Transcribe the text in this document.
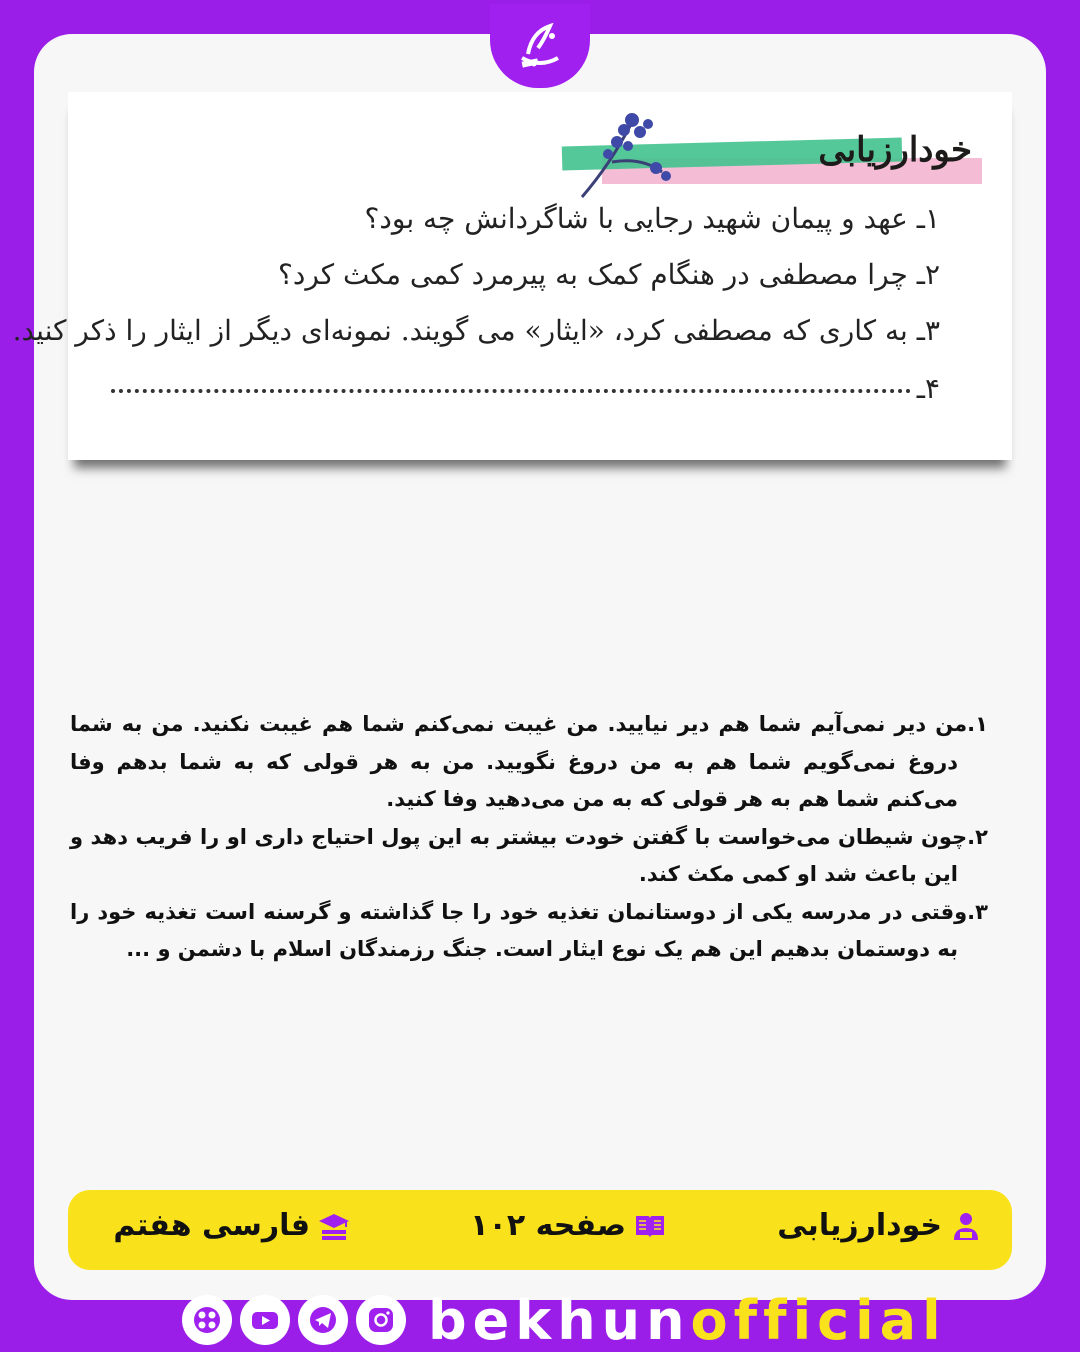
خودارزیابی
۱ـ عهد و پیمان شهید رجایی با شاگردانش چه بود؟
۲ـ چرا مصطفی در هنگام کمک به پیرمرد کمی مکث کرد؟
۳ـ به کاری که مصطفی کرد، «ایثار» می گویند. نمونه‌ای دیگر از ایثار را ذکر کنید.
۴ـ

۱.من دیر نمی‌آیم شما هم دیر نیایید. من غیبت نمی‌کنم شما هم غیبت نکنید. من به شما دروغ نمی‌گویم شما هم به من دروغ نگویید. من به هر قولی که به شما بدهم وفا می‌کنم شما هم به هر قولی که به من می‌دهید وفا کنید.

۲.چون شیطان می‌خواست با گفتن خودت بیشتر به این پول احتیاج داری او را فریب دهد و این باعث شد او کمی مکث کند.

۳.وقتی در مدرسه یکی از دوستانمان تغذیه خود را جا گذاشته و گرسنه است تغذیه خود را به دوستمان بدهیم این هم یک نوع ایثار است. جنگ رزمندگان اسلام با دشمن و ...

خودارزیابی
صفحه ۱۰۲
فارسی هفتم
bekhunofficial
